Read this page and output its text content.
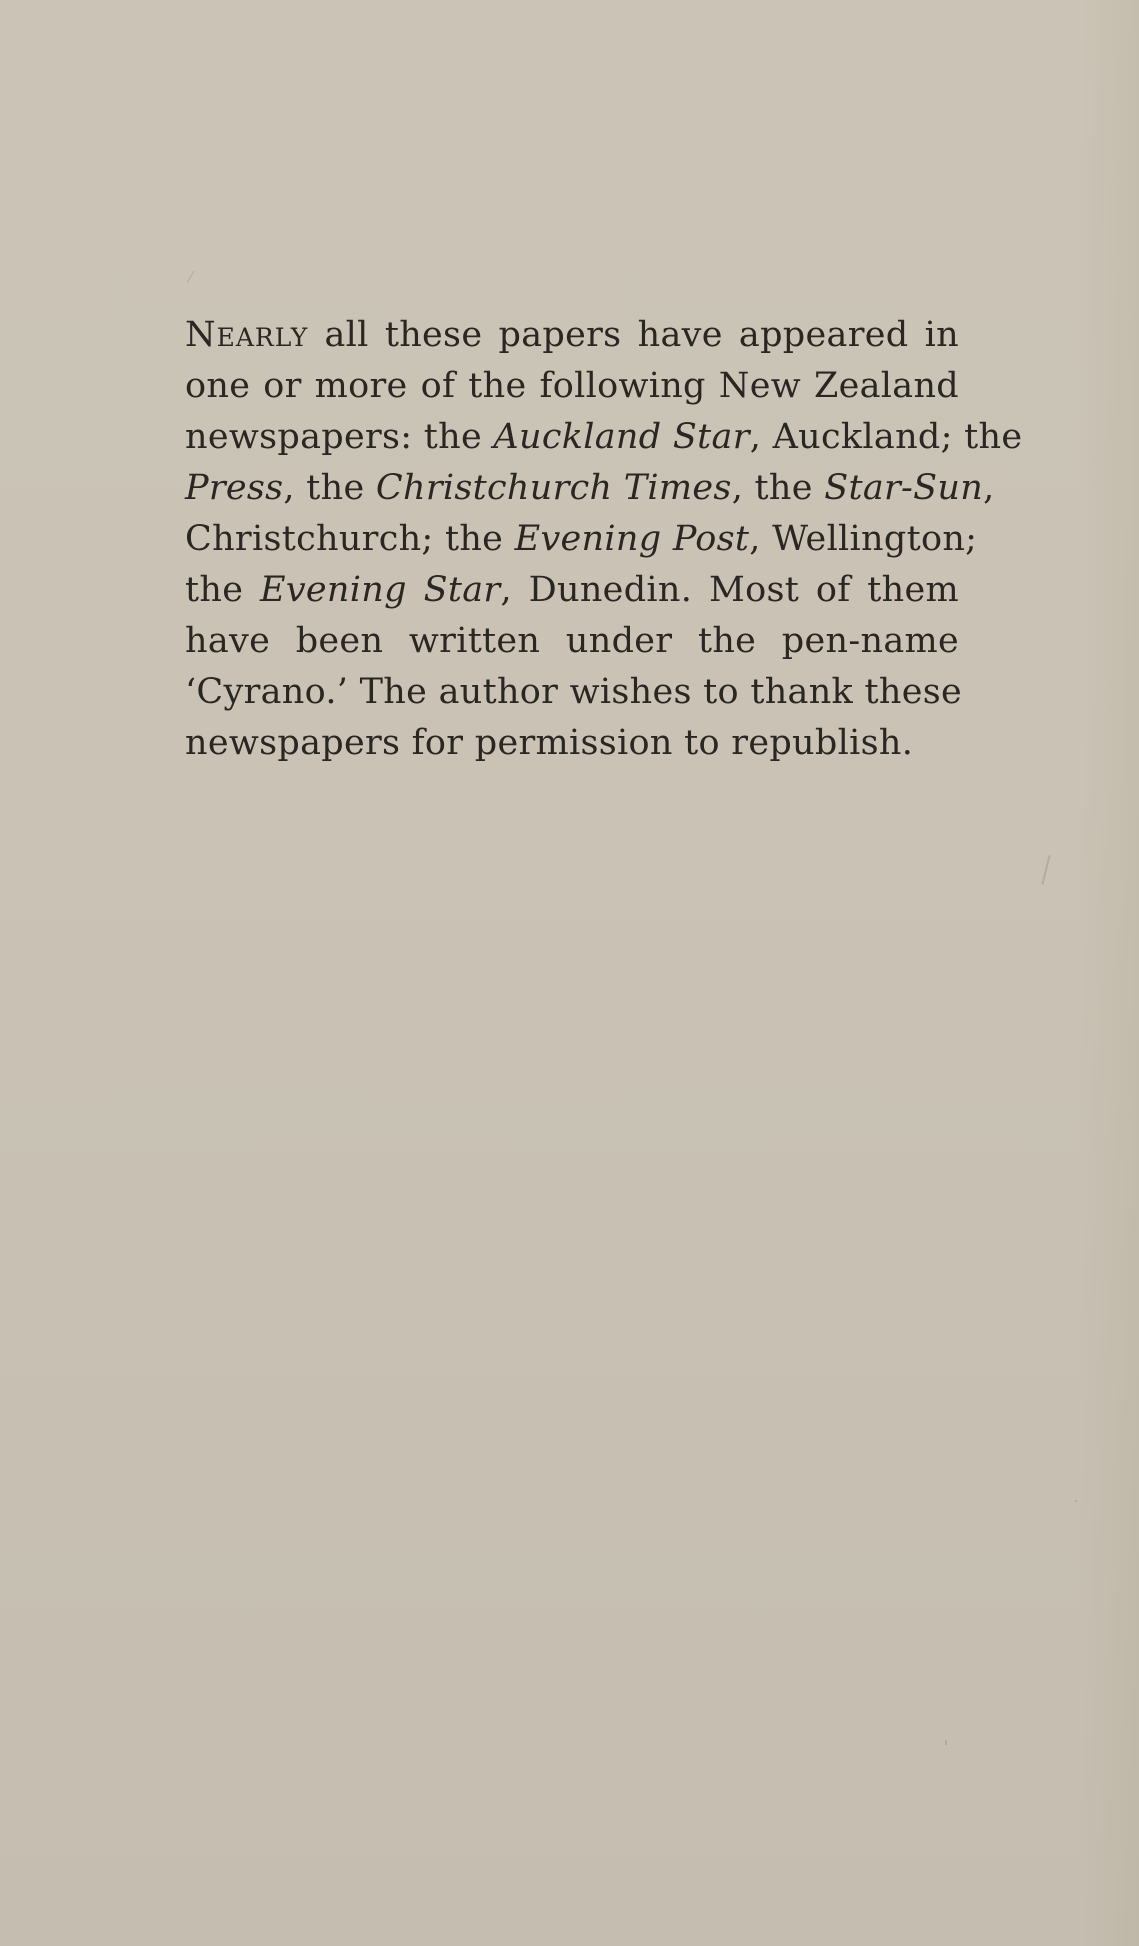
Nearly all these papers have appeared in
one or more of the following New Zealand
newspapers: the Auckland Star, Auckland; the
Press, the Christchurch Times, the Star-Sun,
Christchurch; the Evening Post, Wellington;
the Evening Star, Dunedin. Most of them
have been written under the pen-name
‘Cyrano.’ The author wishes to thank these
newspapers for permission to republish.
